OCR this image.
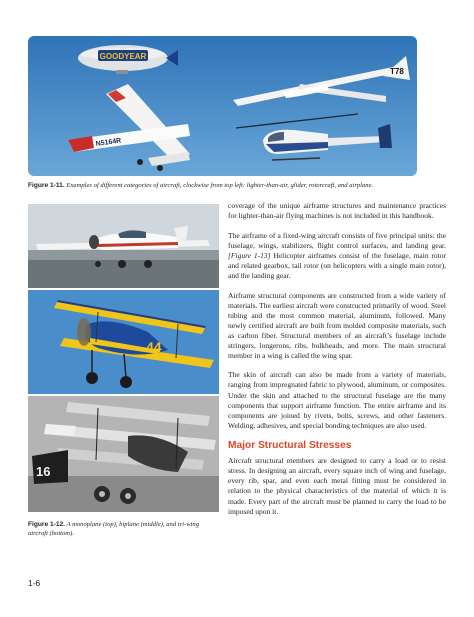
GOODYEAR
T78
N5164R
Figure 1-11. Examples of different categories of aircraft, clockwise from top left: lighter-than-air, glider, rotorcraft, and airplane.
44
16
Figure 1-12. A monoplane (top), biplane (middle), and tri-wing aircraft (bottom).

coverage of the unique airframe structures and maintenance practices for lighter-than-air flying machines is not included in this handbook.

The airframe of a fixed-wing aircraft consists of five principal units: the fuselage, wings, stabilizers, flight control surfaces, and landing gear. [Figure 1-13] Helicopter airframes consist of the fuselage, main rotor and related gearbox, tail rotor (on helicopters with a single main rotor), and the landing gear.

Airframe structural components are constructed from a wide variety of materials. The earliest aircraft were constructed primarily of wood. Steel tubing and the most common material, aluminum, followed. Many newly certified aircraft are built from molded composite materials, such as carbon fiber. Structural members of an aircraft’s fuselage include stringers, longerons, ribs, bulkheads, and more. The main structural member in a wing is called the wing spar.

The skin of aircraft can also be made from a variety of materials, ranging from impregnated fabric to plywood, aluminum, or composites. Under the skin and attached to the structural fuselage are the many components that support airframe function. The entire airframe and its components are joined by rivets, bolts, screws, and other fasteners. Welding, adhesives, and special bonding techniques are also used.

Major Structural Stresses

Aircraft structural members are designed to carry a load or to resist stress. In designing an aircraft, every square inch of wing and fuselage, every rib, spar, and even each metal fitting must be considered in relation to the physical characteristics of the material of which it is made. Every part of the aircraft must be planned to carry the load to be imposed upon it.

1-6
